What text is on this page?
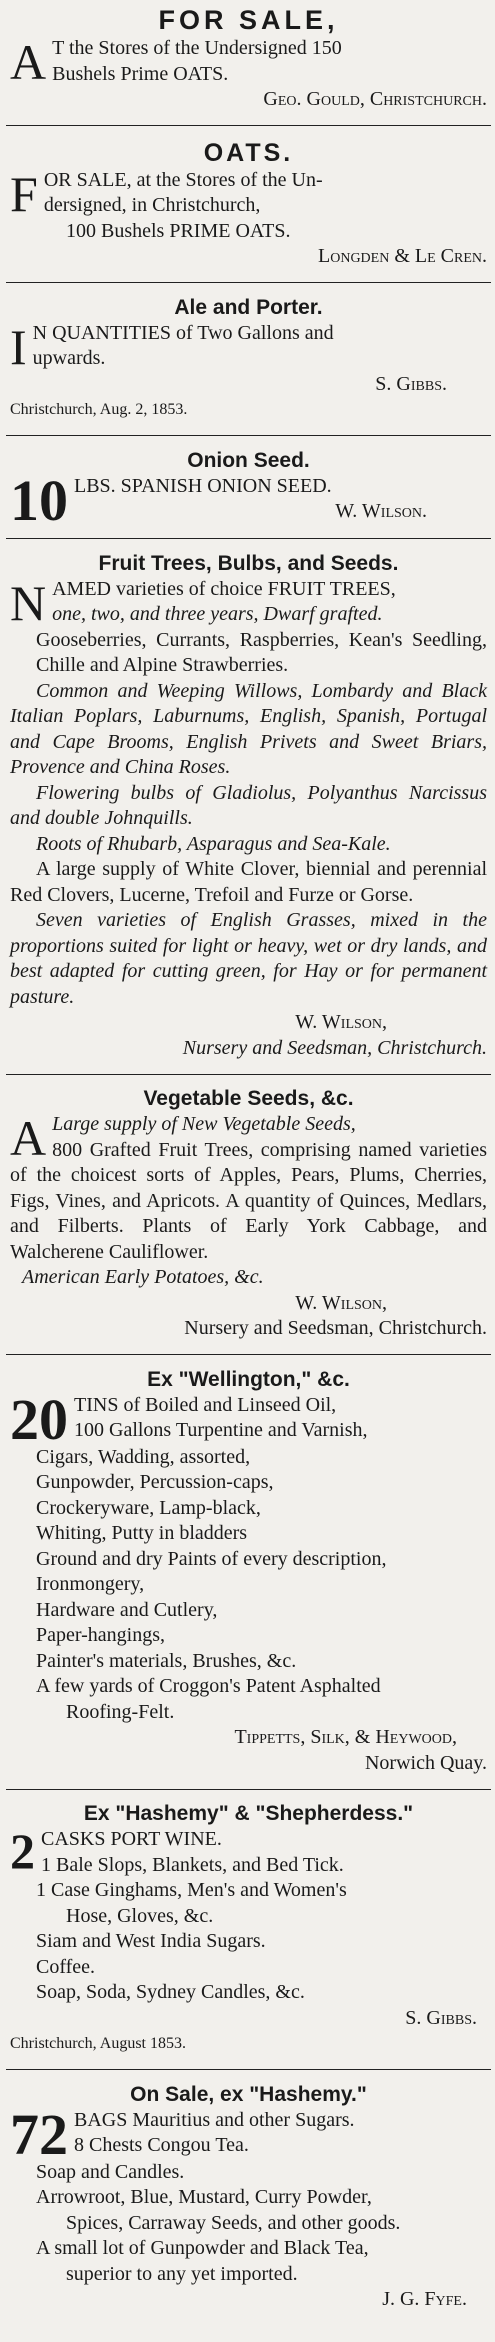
FOR SALE,
A T the Stores of the Undersigned 150

Bushels Prime OATS.

Geo. Gould, Christchurch.

OATS.
F OR SALE, at the Stores of the Un-

dersigned, in Christchurch,

100 Bushels PRIME OATS.

Longden & Le Cren.

Ale and Porter.
I N QUANTITIES of Two Gallons and

upwards.

S. Gibbs.

Christchurch, Aug. 2, 1853.

Onion Seed.
10 LBS. SPANISH ONION SEED.

W. Wilson.

Fruit Trees, Bulbs, and Seeds.
N AMED varieties of choice FRUIT TREES,

one, two, and three years, Dwarf grafted.

Gooseberries, Currants, Raspberries, Kean's Seedling, Chille and Alpine Strawberries.

Common and Weeping Willows, Lombardy and Black Italian Poplars, Laburnums, English, Spanish, Portugal and Cape Brooms, English Privets and Sweet Briars, Provence and China Roses.

Flowering bulbs of Gladiolus, Polyanthus Narcissus and double Johnquills.

Roots of Rhubarb, Asparagus and Sea-Kale.

A large supply of White Clover, biennial and perennial Red Clovers, Lucerne, Trefoil and Furze or Gorse.

Seven varieties of English Grasses, mixed in the proportions suited for light or heavy, wet or dry lands, and best adapted for cutting green, for Hay or for permanent pasture.

W. Wilson,

Nursery and Seedsman, Christchurch.

Vegetable Seeds, &c.
A Large supply of New Vegetable Seeds,

800 Grafted Fruit Trees, comprising named varieties of the choicest sorts of Apples, Pears, Plums, Cherries, Figs, Vines, and Apricots. A quantity of Quinces, Medlars, and Filberts. Plants of Early York Cabbage, and Walcherene Cauliflower.

American Early Potatoes, &c.

W. Wilson,

Nursery and Seedsman, Christchurch.

Ex "Wellington," &c.
20 TINS of Boiled and Linseed Oil,

100 Gallons Turpentine and Varnish,

Cigars, Wadding, assorted,

Gunpowder, Percussion-caps,

Crockeryware, Lamp-black,

Whiting, Putty in bladders

Ground and dry Paints of every description,

Ironmongery,

Hardware and Cutlery,

Paper-hangings,

Painter's materials, Brushes, &c.

A few yards of Croggon's Patent Asphalted

Roofing-Felt.

Tippetts, Silk, & Heywood,

Norwich Quay.

Ex "Hashemy" & "Shepherdess."
2 CASKS PORT WINE.

1 Bale Slops, Blankets, and Bed Tick.

1 Case Ginghams, Men's and Women's

Hose, Gloves, &c.

Siam and West India Sugars.

Coffee.

Soap, Soda, Sydney Candles, &c.

S. Gibbs.

Christchurch, August 1853.

On Sale, ex "Hashemy."
72 BAGS Mauritius and other Sugars.

8 Chests Congou Tea.

Soap and Candles.

Arrowroot, Blue, Mustard, Curry Powder,

Spices, Carraway Seeds, and other goods.

A small lot of Gunpowder and Black Tea,

superior to any yet imported.

J. G. Fyfe.
